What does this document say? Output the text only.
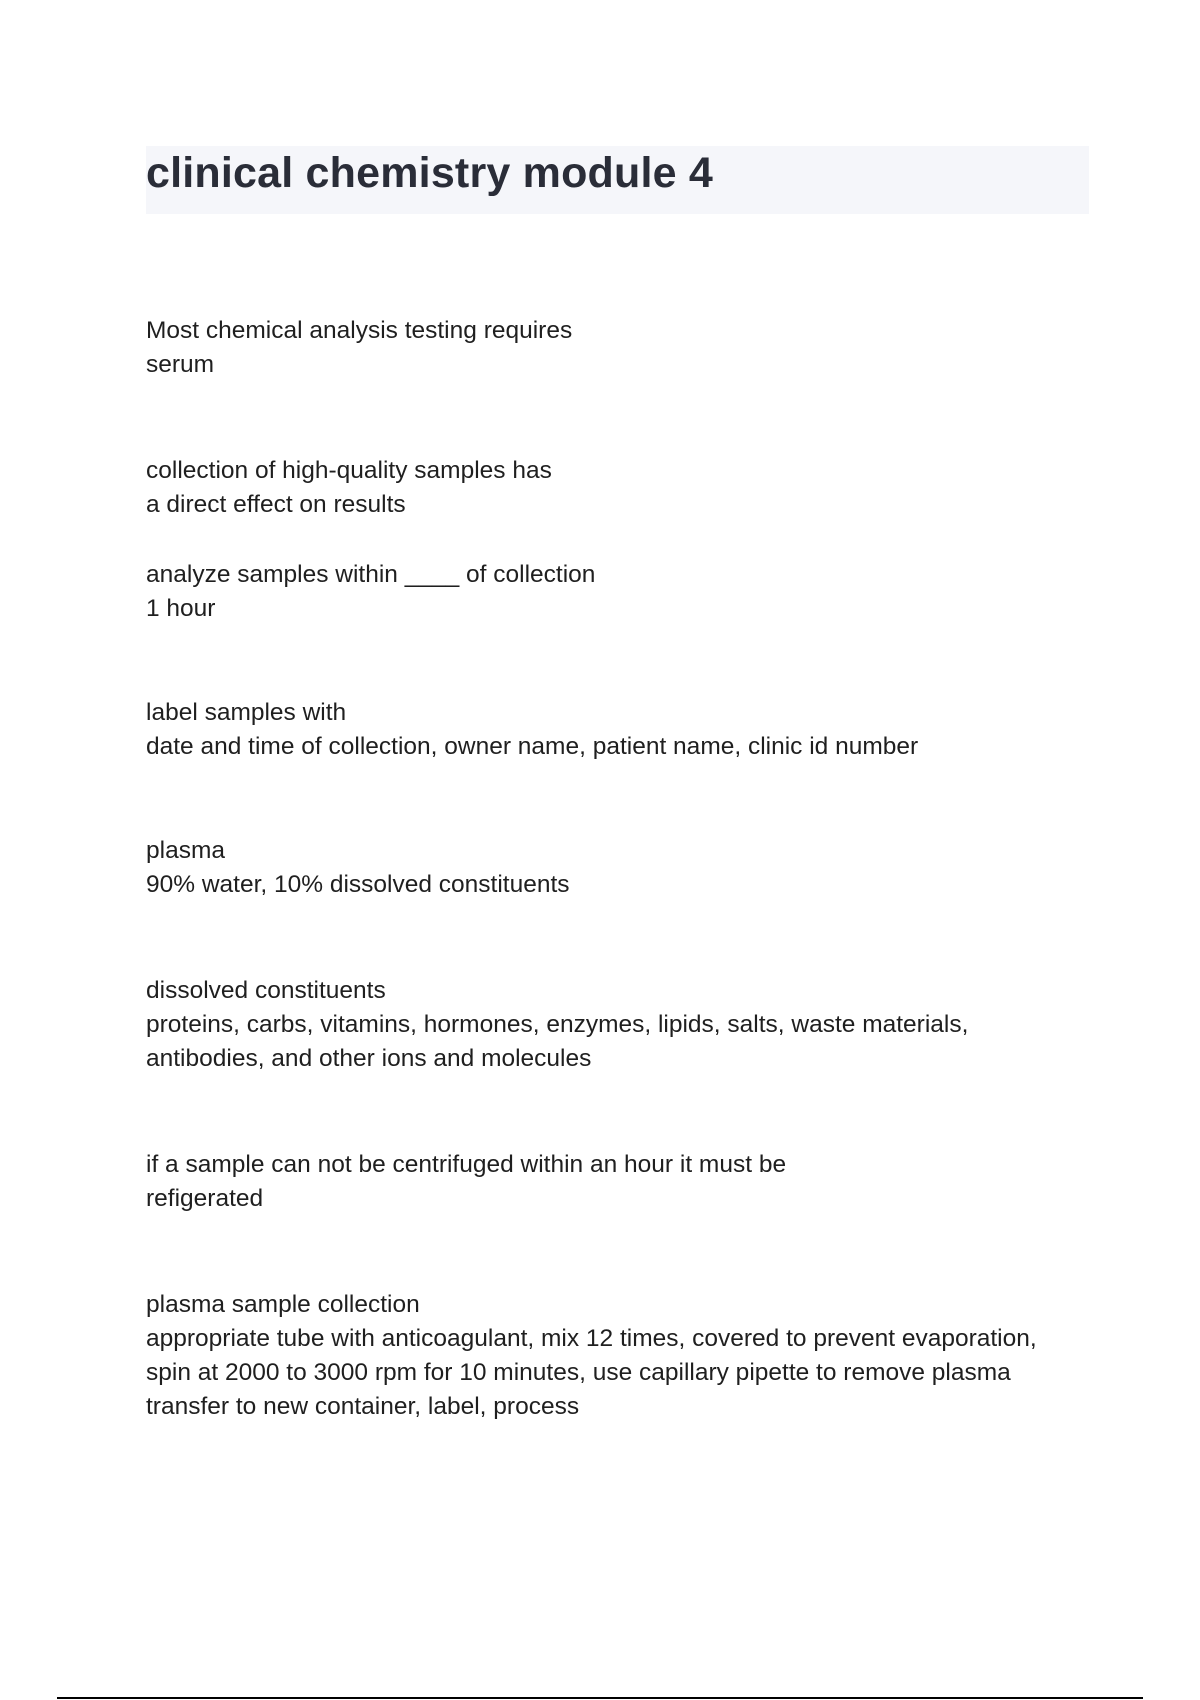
clinical chemistry module 4
Most chemical analysis testing requires
serum
collection of high-quality samples has
a direct effect on results
analyze samples within ____ of collection
1 hour
label samples with
date and time of collection, owner name, patient name, clinic id number
plasma
90% water, 10% dissolved constituents
dissolved constituents
proteins, carbs, vitamins, hormones, enzymes, lipids, salts, waste materials, antibodies, and other ions and molecules
if a sample can not be centrifuged within an hour it must be
refigerated
plasma sample collection
appropriate tube with anticoagulant, mix 12 times, covered to prevent evaporation, spin at 2000 to 3000 rpm for 10 minutes, use capillary pipette to remove plasma transfer to new container, label, process
